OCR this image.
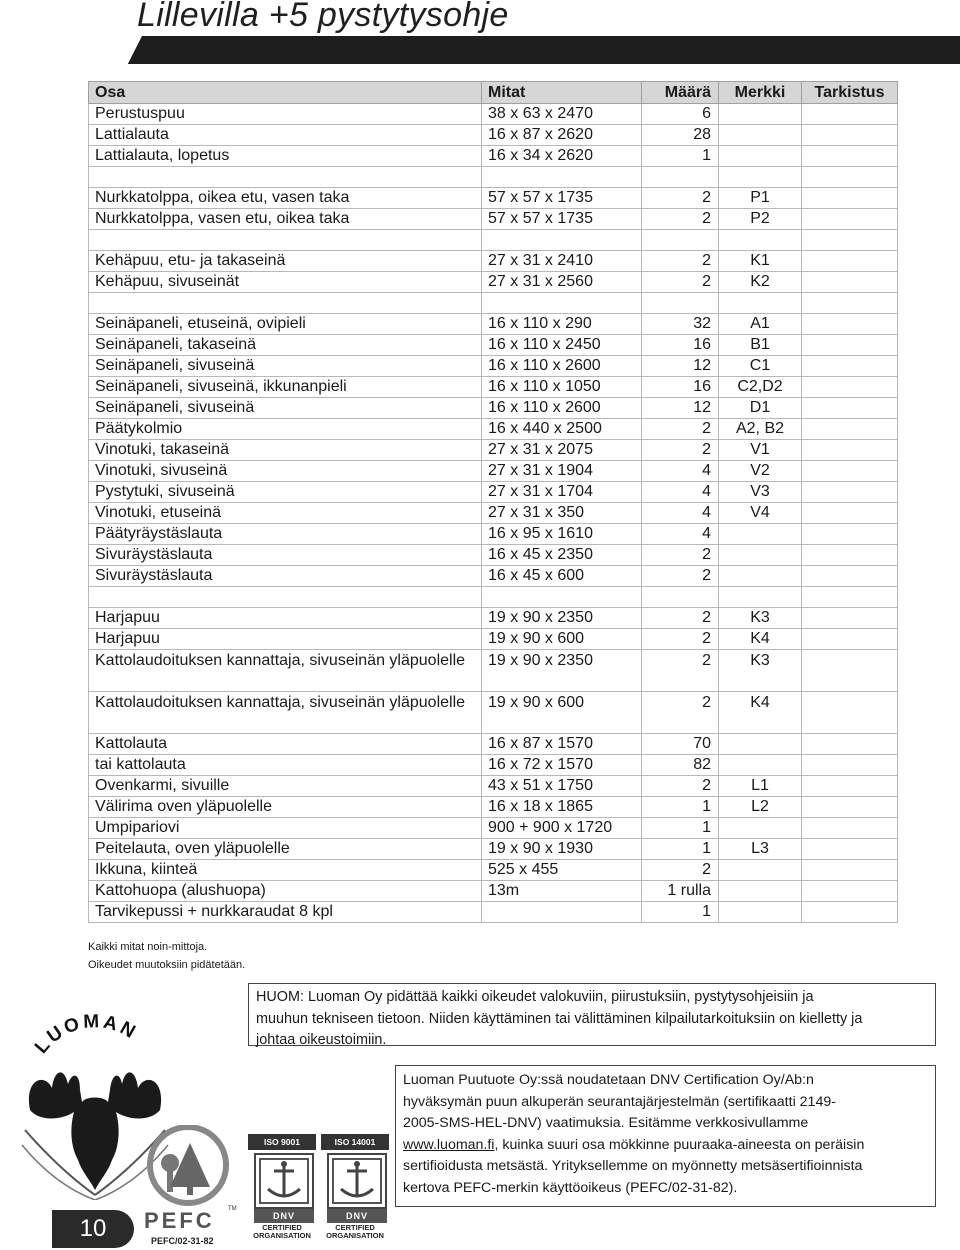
Lillevilla +5 pystytysohje
Osa	Mitat	Määrä	Merkki	Tarkistus
Perustuspuu	38 x 63 x 2470	6		
Lattialauta	16 x 87 x 2620	28		
Lattialauta, lopetus	16 x 34 x 2620	1		

Nurkkatolppa, oikea etu, vasen taka	57 x 57 x 1735	2	P1	
Nurkkatolppa, vasen etu, oikea taka	57 x 57 x 1735	2	P2	

Kehäpuu, etu- ja takaseinä	27 x 31 x 2410	2	K1	
Kehäpuu, sivuseinät	27 x 31 x 2560	2	K2	

Seinäpaneli, etuseinä, ovipieli	16 x 110 x 290	32	A1	
Seinäpaneli, takaseinä	16 x 110 x 2450	16	B1	
Seinäpaneli, sivuseinä	16 x 110 x 2600	12	C1	
Seinäpaneli, sivuseinä, ikkunanpieli	16 x 110 x 1050	16	C2,D2	
Seinäpaneli, sivuseinä	16 x 110 x 2600	12	D1	
Päätykolmio	16 x 440 x 2500	2	A2, B2	
Vinotuki, takaseinä	27 x 31 x 2075	2	V1	
Vinotuki, sivuseinä	27 x 31 x 1904	4	V2	
Pystytuki, sivuseinä	27 x 31 x 1704	4	V3	
Vinotuki, etuseinä	27 x 31 x 350	4	V4	
Päätyräystäslauta	16 x 95 x 1610	4		
Sivuräystäslauta	16 x 45 x 2350	2		
Sivuräystäslauta	16 x 45 x 600	2		

Harjapuu	19 x 90 x 2350	2	K3	
Harjapuu	19 x 90 x 600	2	K4	
Kattolaudoituksen kannattaja, sivuseinän yläpuolelle	19 x 90 x 2350	2	K3	
Kattolaudoituksen kannattaja, sivuseinän yläpuolelle	19 x 90 x 600	2	K4	
Kattolauta	16 x 87 x 1570	70		
tai kattolauta	16 x 72 x 1570	82		
Ovenkarmi, sivuille	43 x 51 x 1750	2	L1	
Välirima oven yläpuolelle	16 x 18 x 1865	1	L2	
Umpipariovi	900 + 900 x 1720	1		
Peitelauta, oven yläpuolelle	19 x 90 x 1930	1	L3	
Ikkuna, kiinteä	525 x 455	2		
Kattohuopa (alushuopa)	13m	1 rulla		
Tarvikepussi + nurkkaraudat 8 kpl		1		
Kaikki mitat noin-mittoja.
Oikeudet muutoksiin pidätetään.
HUOM: Luoman Oy pidättää kaikki oikeudet valokuviin, piirustuksiin, pystytysohjeisiin ja
muuhun tekniseen tietoon. Niiden käyttäminen tai välittäminen kilpailutarkoituksiin on kielletty ja
johtaa oikeustoimiin.
Luoman Puutuote Oy:ssä noudatetaan DNV Certification Oy/Ab:n
hyväksymän puun alkuperän seurantajärjestelmän (sertifikaatti 2149-
2005-SMS-HEL-DNV) vaatimuksia. Esitämme verkkosivullamme
www.luoman.fi, kuinka suuri osa mökkinne puuraaka-aineesta on peräisin
sertifioidusta metsästä. Yrityksellemme on myönnetty metsäsertifioinnista
kertova PEFC-merkin käyttöoikeus (PEFC/02-31-82).
LUOMAN
PEFC TM
PEFC/02-31-82
ISO 9001
DNV
CERTIFIED
ORGANISATION
ISO 14001
DNV
CERTIFIED
ORGANISATION
10
